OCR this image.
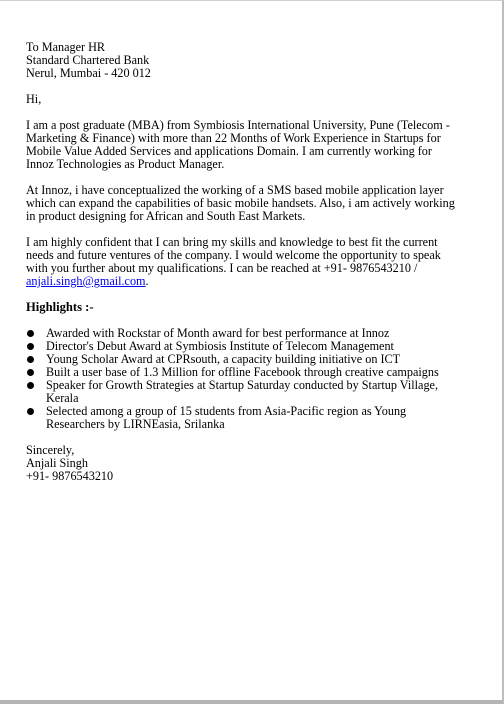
To Manager HR
Standard Chartered Bank
Nerul, Mumbai - 420 012
Hi,
I am a post graduate (MBA) from Symbiosis International University, Pune (Telecom -
Marketing & Finance) with more than 22 Months of Work Experience in Startups for
Mobile Value Added Services and applications Domain. I am currently working for
Innoz Technologies as Product Manager.
At Innoz, i have conceptualized the working of a SMS based mobile application layer
which can expand the capabilities of basic mobile handsets. Also, i am actively working
in product designing for African and South East Markets.
I am highly confident that I can bring my skills and knowledge to best fit the current
needs and future ventures of the company. I would welcome the opportunity to speak
with you further about my qualifications. I can be reached at +91- 9876543210 /
anjali.singh@gmail.com.
Highlights :-
Awarded with Rockstar of Month award for best performance at Innoz
Director's Debut Award at Symbiosis Institute of Telecom Management
Young Scholar Award at CPRsouth, a capacity building initiative on ICT
Built a user base of 1.3 Million for offline Facebook through creative campaigns
Speaker for Growth Strategies at Startup Saturday conducted by Startup Village,
Kerala
Selected among a group of 15 students from Asia-Pacific region as Young
Researchers by LIRNEasia, Srilanka
Sincerely,
Anjali Singh
+91- 9876543210
